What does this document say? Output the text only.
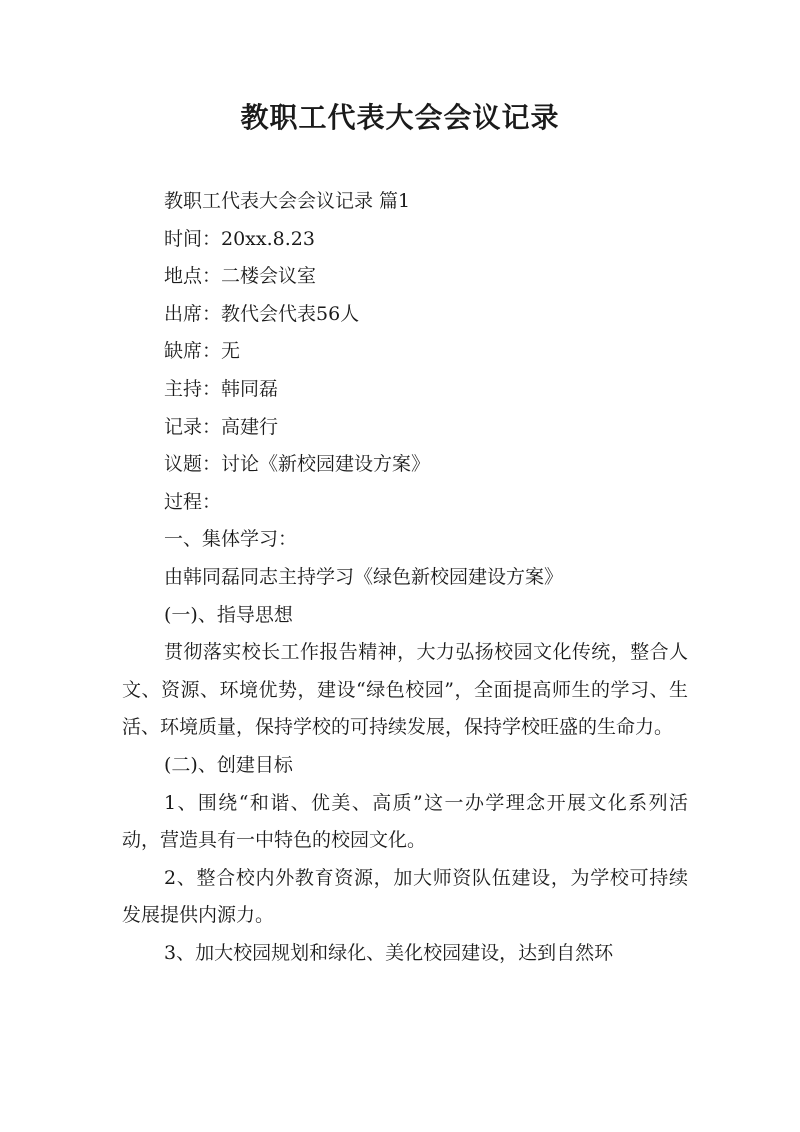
教职工代表大会会议记录

教职工代表大会会议记录 篇1

时间：20xx.8.23

地点：二楼会议室

出席：教代会代表56人

缺席：无

主持：韩同磊

记录：高建行

议题：讨论《新校园建设方案》

过程：

一、集体学习：

由韩同磊同志主持学习《绿色新校园建设方案》

(一)、指导思想

贯彻落实校长工作报告精神，大力弘扬校园文化传统，整合人文、资源、环境优势，建设“绿色校园”，全面提高师生的学习、生活、环境质量，保持学校的可持续发展，保持学校旺盛的生命力。

(二)、创建目标

1、围绕“和谐、优美、高质”这一办学理念开展文化系列活动，营造具有一中特色的校园文化。

2、整合校内外教育资源，加大师资队伍建设，为学校可持续发展提供内源力。

3、加大校园规划和绿化、美化校园建设，达到自然环
